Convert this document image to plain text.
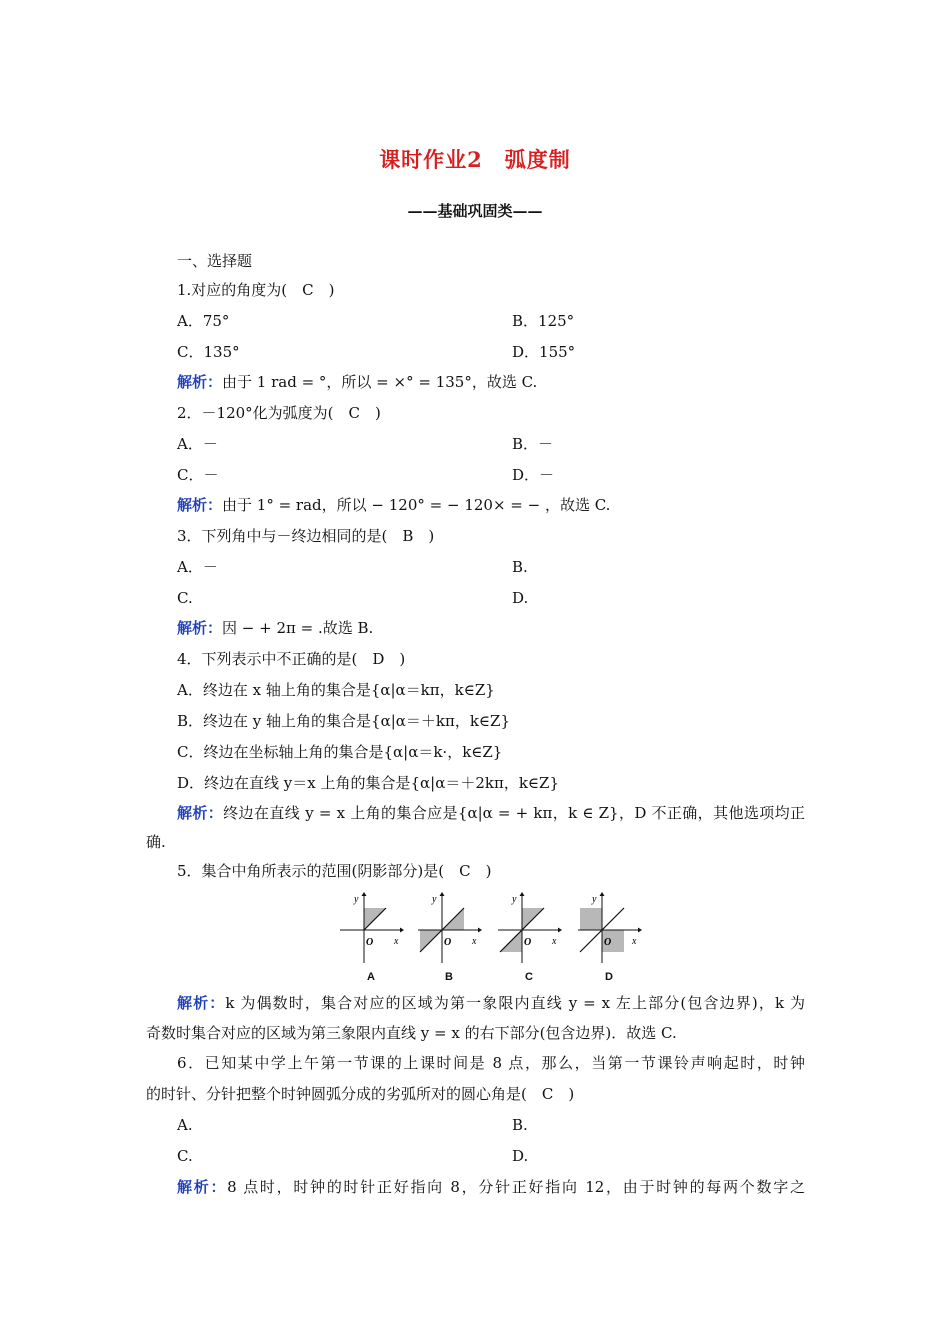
课时作业2　弧度制
——基础巩固类——
一、选择题
1.对应的角度为(　C　)
A．75°	B．125°
C．135°	D．155°
解析：由于 1 rad = °，所以 = ×° = 135°，故选 C.
2．－120°化为弧度为(　C　)
A．－	B．－
C．－	D．－
解析：由于 1° = rad，所以 − 120° = − 120× = − ，故选 C.
3．下列角中与－终边相同的是(　B　)
A．－	B.
C.	D.
解析：因 − + 2π = .故选 B.
4．下列表示中不正确的是(　D　)
A．终边在 x 轴上角的集合是{α|α＝kπ，k∈Z}
B．终边在 y 轴上角的集合是{α|α＝＋kπ，k∈Z}
C．终边在坐标轴上角的集合是{α|α＝k·，k∈Z}
D．终边在直线 y＝x 上角的集合是{α|α＝＋2kπ，k∈Z}
解析：终边在直线 y = x 上角的集合应是{α|α = + kπ，k ∈ Z}，D 不正确，其他选项均正
确.
5．集合中角所表示的范围(阴影部分)是(　C　)
y
x
O
A
y
x
O
B
y
x
O
C
y
x
O
D
解析：k 为偶数时，集合对应的区域为第一象限内直线 y = x 左上部分(包含边界)，k 为
奇数时集合对应的区域为第三象限内直线 y = x 的右下部分(包含边界)．故选 C.
6．已知某中学上午第一节课的上课时间是 8 点，那么，当第一节课铃声响起时，时钟
的时针、分针把整个时钟圆弧分成的劣弧所对的圆心角是(　C　)
A.	B.
C.	D.
解析：8 点时，时钟的时针正好指向 8，分针正好指向 12，由于时钟的每两个数字之
